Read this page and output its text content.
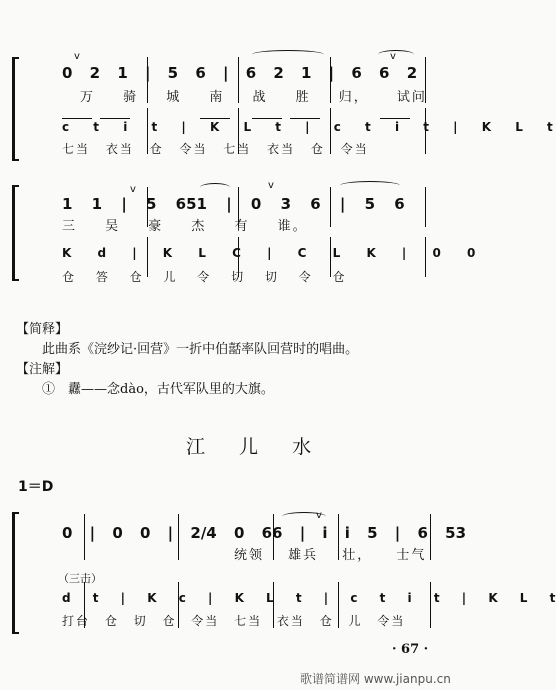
v	v
0 2 1 | 5 6 | 6 2 1 | 6 6 2
万 骑 城 南 战 胜 归， 试问
c t i t | K L t | c t i t | K L t
七当 衣当 仓 令当 七当 衣当 仓 令当
v	v
1 1 | 5 651 | 0 3 6 | 5 6
三 吴 豪 杰 有 谁。
K d | K L C | C L K | 0 0
仓 答 仓 儿 令 切 切 令 仓
【简释】
此曲系《浣纱记·回营》一折中伯嚭率队回营时的唱曲。
【注解】
①　纛——念dào，古代军队里的大旗。
江 儿 水
1＝D
v
0 | 0 0 | 2/4 0 66 | i i 5 | 6 53
统领 雄兵 壮， 士气
（三击）
d t | K c | K L t | c t i t | K L t
打台 仓 切 仓 令当 七当 衣当 仓 儿 令当
· 67 ·
歌谱简谱网 www.jianpu.cn
